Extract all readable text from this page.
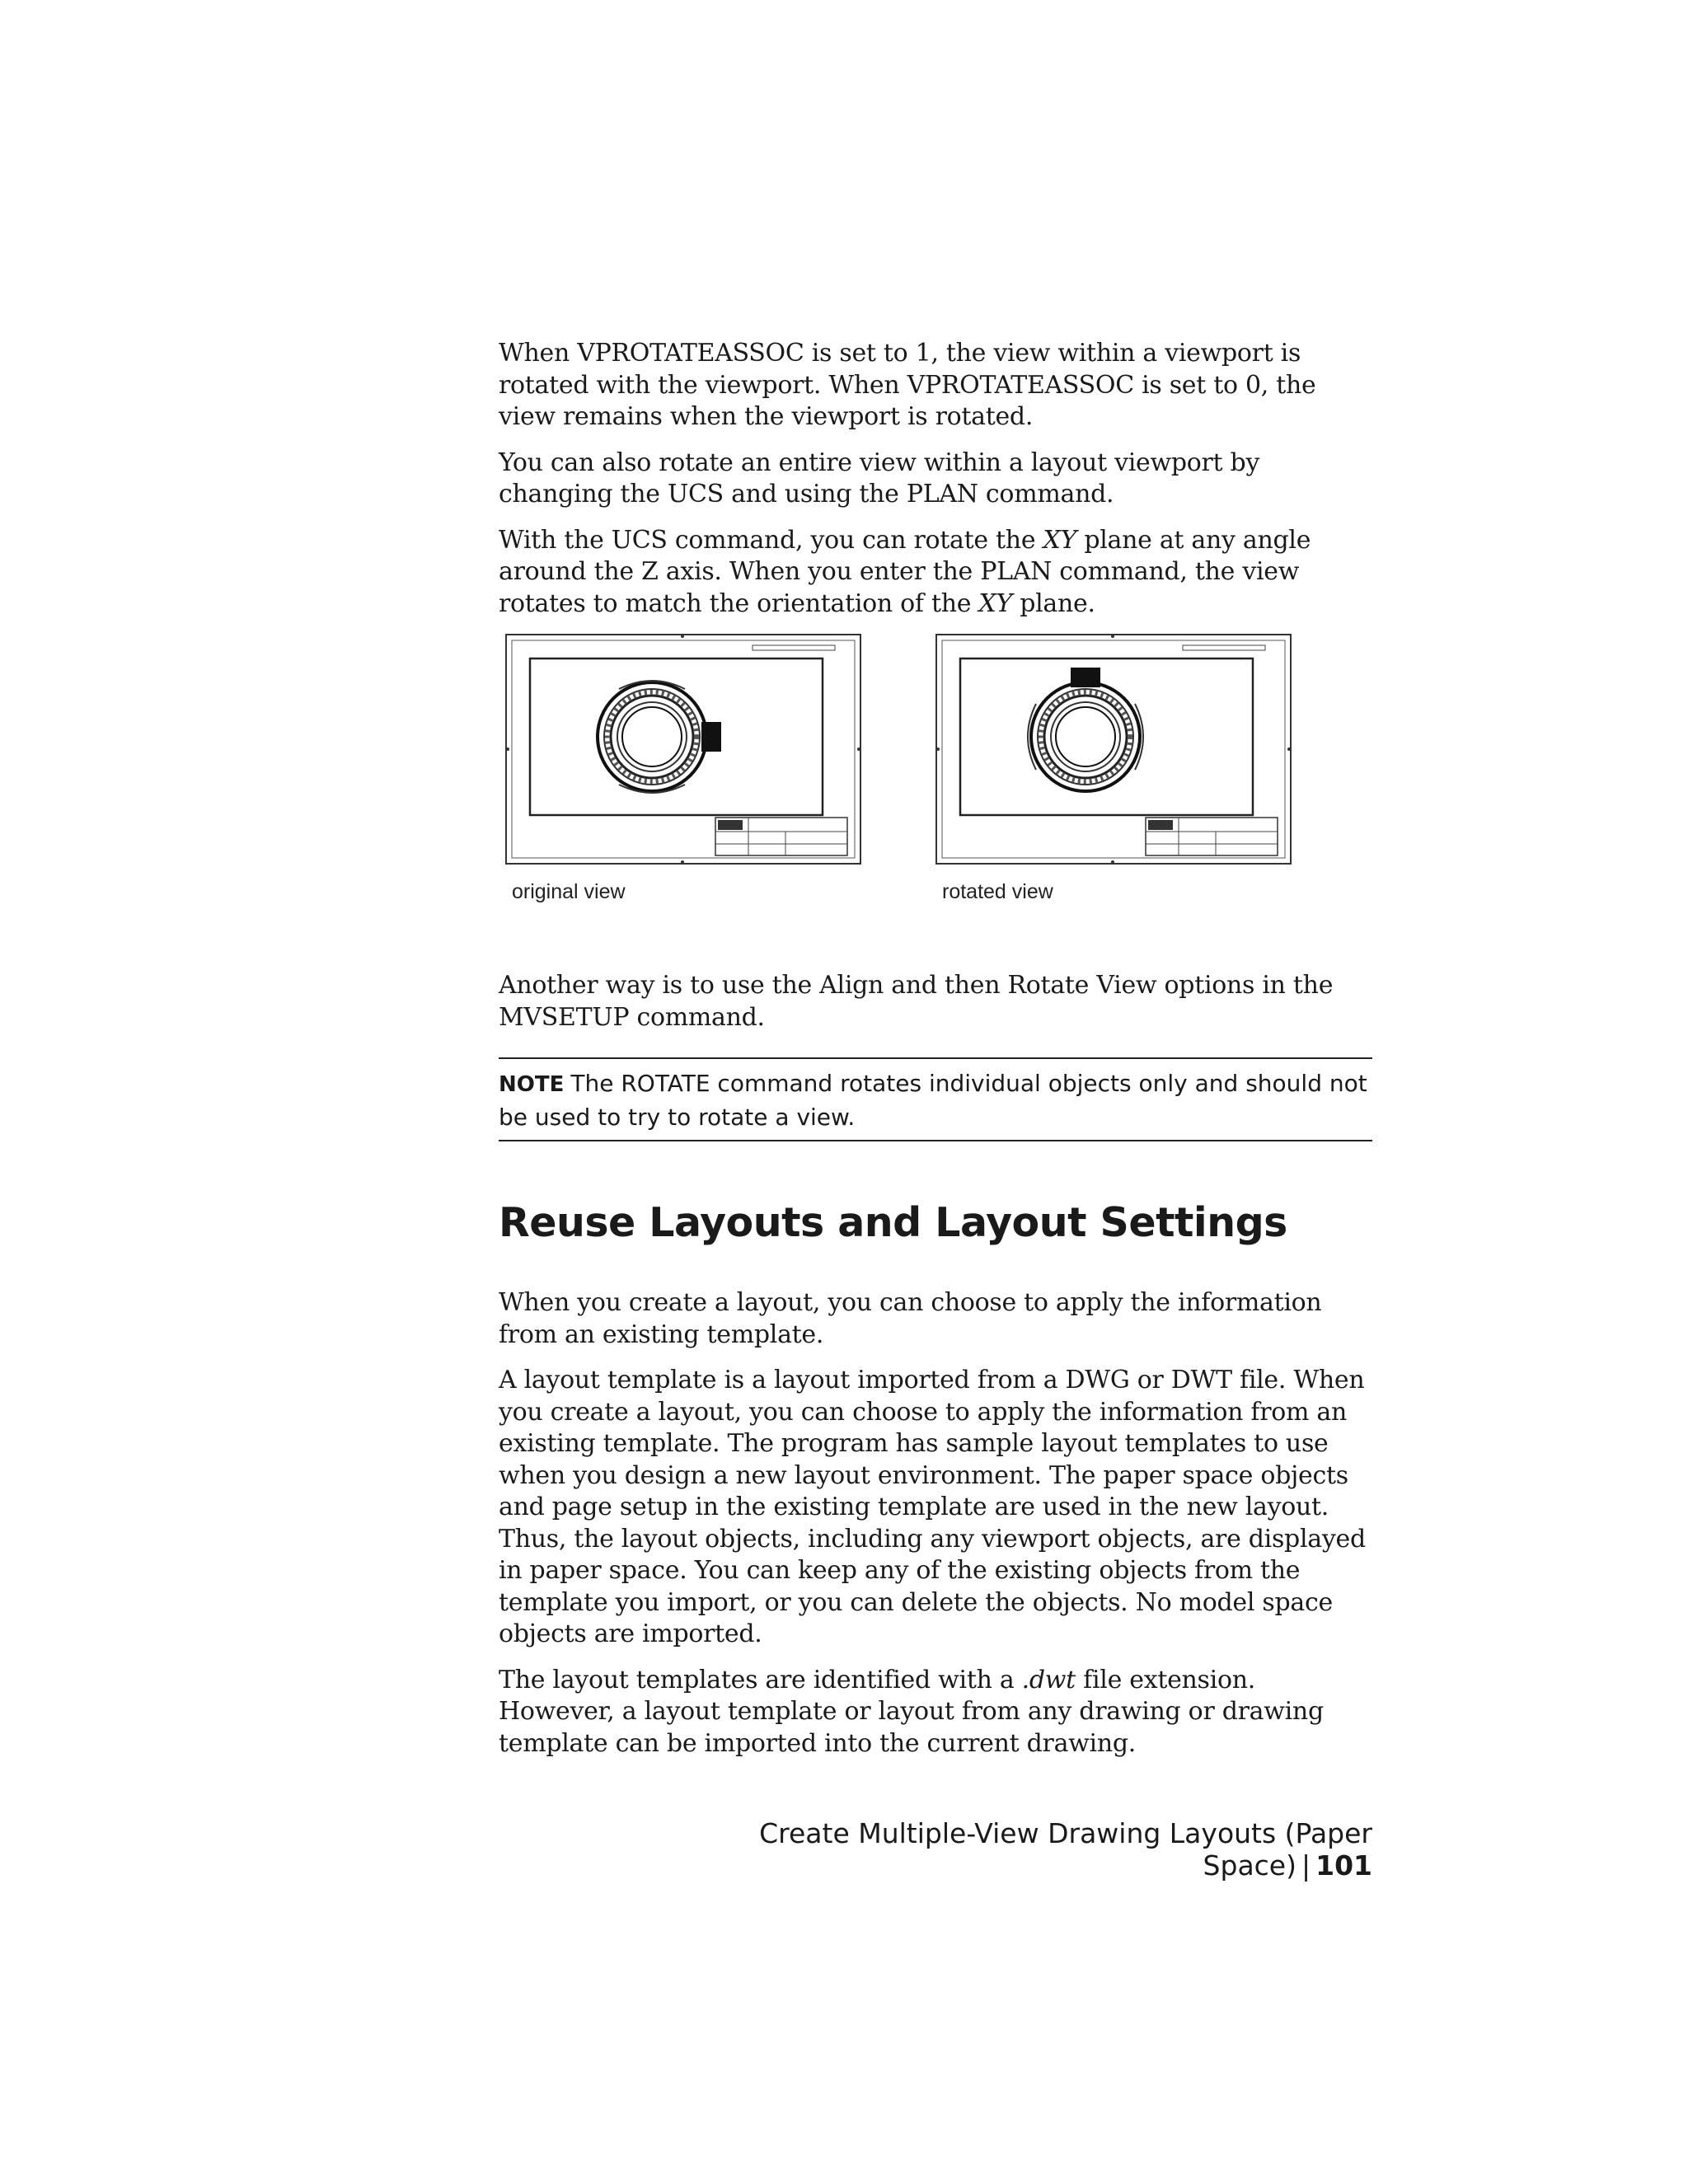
When VPROTATEASSOC is set to 1, the view within a viewport is rotated with the viewport. When VPROTATEASSOC is set to 0, the view remains when the viewport is rotated.

You can also rotate an entire view within a layout viewport by changing the UCS and using the PLAN command.

With the UCS command, you can rotate the XY plane at any angle around the Z axis. When you enter the PLAN command, the view rotates to match the orientation of the XY plane.

original view	rotated view

Another way is to use the Align and then Rotate View options in the MVSETUP command.

NOTE The ROTATE command rotates individual objects only and should not be used to try to rotate a view.
Reuse Layouts and Layout Settings

When you create a layout, you can choose to apply the information from an existing template.

A layout template is a layout imported from a DWG or DWT file. When you create a layout, you can choose to apply the information from an existing template. The program has sample layout templates to use when you design a new layout environment. The paper space objects and page setup in the existing template are used in the new layout. Thus, the layout objects, including any viewport objects, are displayed in paper space. You can keep any of the existing objects from the template you import, or you can delete the objects. No model space objects are imported.

The layout templates are identified with a .dwt file extension. However, a layout template or layout from any drawing or drawing template can be imported into the current drawing.

Create Multiple-View Drawing Layouts (Paper Space) | 101
